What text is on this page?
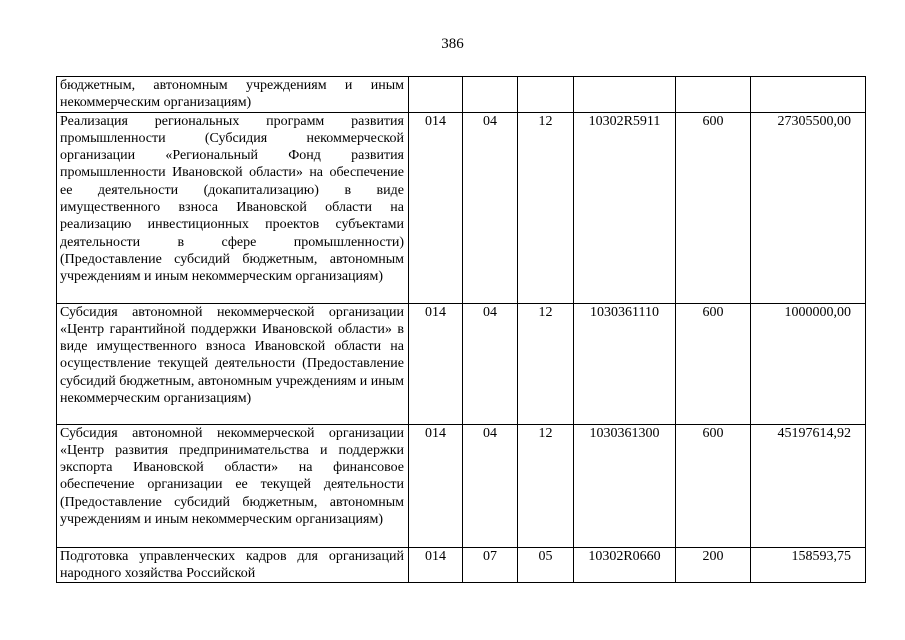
386
бюджетным, автономным учреждениям и иным некоммерческим организациям)						
Реализация региональных программ развития промышленности (Субсидия некоммерческой организации «Региональный Фонд развития промышленности Ивановской области» на обеспечение ее деятельности (докапитализацию) в виде имущественного взноса Ивановской области на реализацию инвестиционных проектов субъектами деятельности в сфере промышленности) (Предоставление субсидий бюджетным, автономным учреждениям и иным некоммерческим организациям)	014	04	12	10302R5911	600	27305500,00
Субсидия автономной некоммерческой организации «Центр гарантийной поддержки Ивановской области» в виде имущественного взноса Ивановской области на осуществление текущей деятельности (Предоставление субсидий бюджетным, автономным учреждениям и иным некоммерческим организациям)	014	04	12	1030361110	600	1000000,00
Субсидия автономной некоммерческой организации «Центр развития предпринимательства и поддержки экспорта Ивановской области» на финансовое обеспечение организации ее текущей деятельности (Предоставление субсидий бюджетным, автономным учреждениям и иным некоммерческим организациям)	014	04	12	1030361300	600	45197614,92
Подготовка управленческих кадров для организаций народного хозяйства Российской	014	07	05	10302R0660	200	158593,75
